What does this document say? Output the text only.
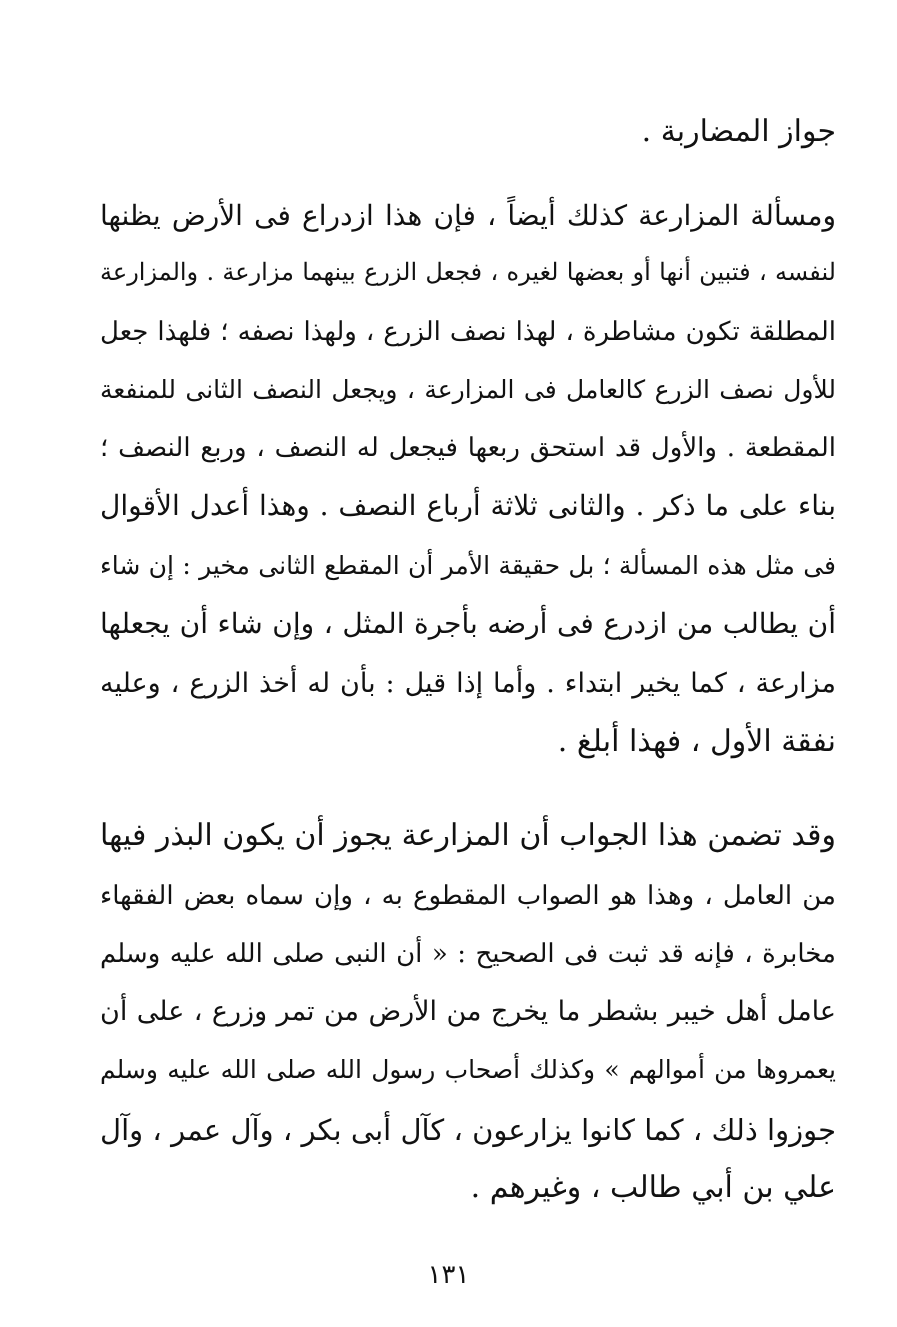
جواز المضاربة .
ومسألة المزارعة كذلك أيضاً ، فإن هذا ازدراع فى الأرض يظنها
لنفسه ، فتبين أنها أو بعضها لغيره ، فجعل الزرع بينهما مزارعة . والمزارعة
المطلقة تكون مشاطرة ، لهذا نصف الزرع ، ولهذا نصفه ؛ فلهذا جعل
للأول نصف الزرع كالعامل فى المزارعة ، ويجعل النصف الثانى للمنفعة
المقطعة . والأول قد استحق ربعها فيجعل له النصف ، وربع النصف ؛
بناء على ما ذكر . والثانى ثلاثة أرباع النصف . وهذا أعدل الأقوال
فى مثل هذه المسألة ؛ بل حقيقة الأمر أن المقطع الثانى مخير : إن شاء
أن يطالب من ازدرع فى أرضه بأجرة المثل ، وإن شاء أن يجعلها
مزارعة ، كما يخير ابتداء . وأما إذا قيل : بأن له أخذ الزرع ، وعليه
نفقة الأول ، فهذا أبلغ .
وقد تضمن هذا الجواب أن المزارعة يجوز أن يكون البذر فيها
من العامل ، وهذا هو الصواب المقطوع به ، وإن سماه بعض الفقهاء
مخابرة ، فإنه قد ثبت فى الصحيح : « أن النبى صلى الله عليه وسلم
عامل أهل خيبر بشطر ما يخرج من الأرض من تمر وزرع ، على أن
يعمروها من أموالهم » وكذلك أصحاب رسول الله صلى الله عليه وسلم
جوزوا ذلك ، كما كانوا يزارعون ، كآل أبى بكر ، وآل عمر ، وآل
علي بن أبي طالب ، وغيرهم .
١٣١
